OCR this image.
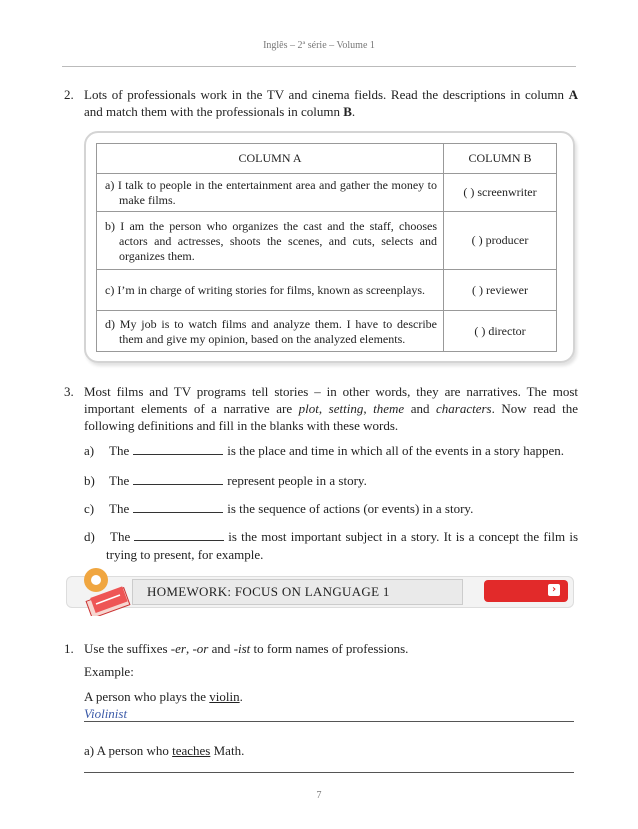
Inglês – 2ª série – Volume 1
2. Lots of professionals work in the TV and cinema fields. Read the descriptions in column A and match them with the professionals in column B.
COLUMN A	COLUMN B
a) I talk to people in the entertainment area and gather the money to make films.	( ) screenwriter
b) I am the person who organizes the cast and the staff, chooses actors and actresses, shoots the scenes, and cuts, selects and organizes them.	( ) producer
c) I’m in charge of writing stories for films, known as screenplays.	( ) reviewer
d) My job is to watch films and analyze them. I have to describe them and give my opinion, based on the analyzed elements.	( ) director
3. Most films and TV programs tell stories – in other words, they are narratives. The most important elements of a narrative are plot, setting, theme and characters. Now read the following definitions and fill in the blanks with these words.
a) The	is the place and time in which all of the events in a story happen.
b) The	represent people in a story.
c) The	is the sequence of actions (or events) in a story.
d) The	is the most important subject in a story. It is a concept the film is trying to present, for example.
HOMEWORK: FOCUS ON LANGUAGE 1	›
1. Use the suffixes -er, -or and -ist to form names of professions.
Example:
A person who plays the violin.
Violinist
a) A person who teaches Math.
7
